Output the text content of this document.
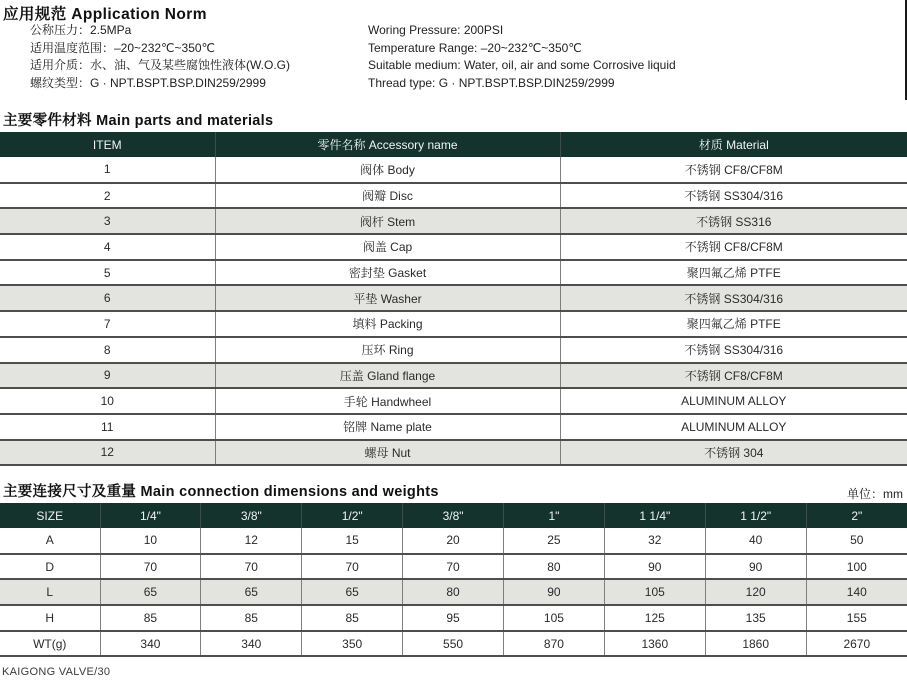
应用规范 Application Norm
公称压力：2.5MPa
适用温度范围：–20~232℃~350℃
适用介质：水、油、气及某些腐蚀性液体(W.O.G)
螺纹类型：G · NPT.BSPT.BSP.DIN259/2999
Woring Pressure: 200PSI
Temperature Range: –20~232℃~350℃
Suitable medium: Water, oil, air and some Corrosive liquid
Thread type: G · NPT.BSPT.BSP.DIN259/2999
主要零件材料 Main parts and materials
ITEM	零件名称 Accessory name	材质 Material
1	阀体 Body	不锈钢 CF8/CF8M
2	阀瓣 Disc	不锈钢 SS304/316
3	阀杆 Stem	不锈钢 SS316
4	阀盖 Cap	不锈钢 CF8/CF8M
5	密封垫 Gasket	聚四氟乙烯 PTFE
6	平垫 Washer	不锈钢 SS304/316
7	填料 Packing	聚四氟乙烯 PTFE
8	压环 Ring	不锈钢 SS304/316
9	压盖 Gland flange	不锈钢 CF8/CF8M
10	手轮 Handwheel	ALUMINUM ALLOY
11	铭牌 Name plate	ALUMINUM ALLOY
12	螺母 Nut	不锈钢 304
主要连接尺寸及重量 Main connection dimensions and weights	单位：mm
SIZE	1/4"	3/8"	1/2"	3/8"	1"	1 1/4"	1 1/2"	2"
A	10	12	15	20	25	32	40	50
D	70	70	70	70	80	90	90	100
L	65	65	65	80	90	105	120	140
H	85	85	85	95	105	125	135	155
WT(g)	340	340	350	550	870	1360	1860	2670
KAIGONG VALVE/30
